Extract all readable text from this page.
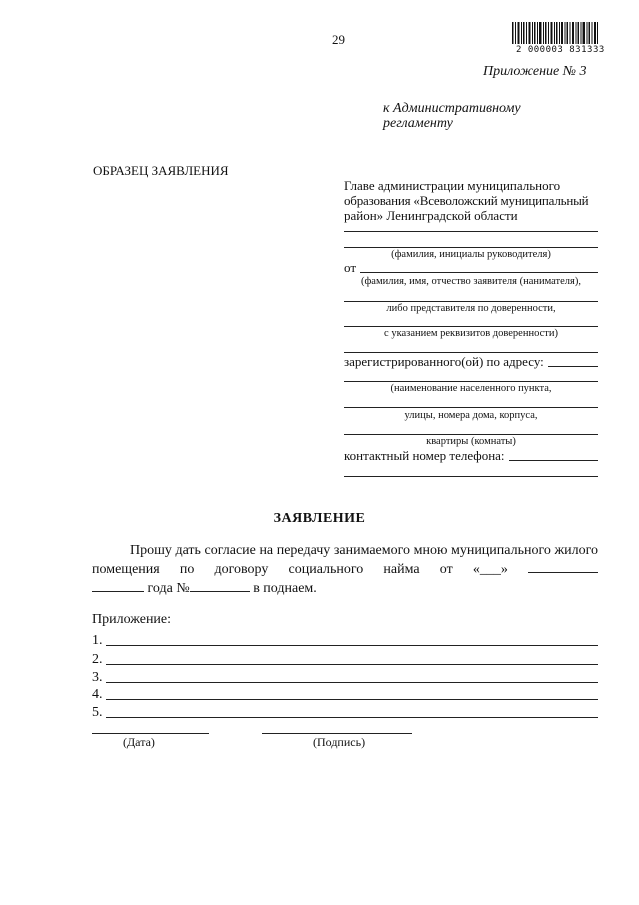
29
2 000003 831333
Приложение № 3
к Административному
регламенту
ОБРАЗЕЦ ЗАЯВЛЕНИЯ
Главе администрации муниципального
образования «Всеволожский муниципальный
район» Ленинградской области
(фамилия, инициалы руководителя)
от
(фамилия, имя, отчество заявителя (нанимателя),
либо представителя по доверенности,
с указанием реквизитов доверенности)
зарегистрированного(ой) по адресу:
(наименование населенного пункта,
улицы, номера дома, корпуса,
квартиры (комнаты)
контактный номер телефона:
ЗАЯВЛЕНИЕ
Прошу дать согласие на передачу занимаемого мною муниципального жилого помещения по договору социального найма от «___»
года №	в поднаем.
Приложение:
1.
2.
3.
4.
5.
(Дата)	(Подпись)
